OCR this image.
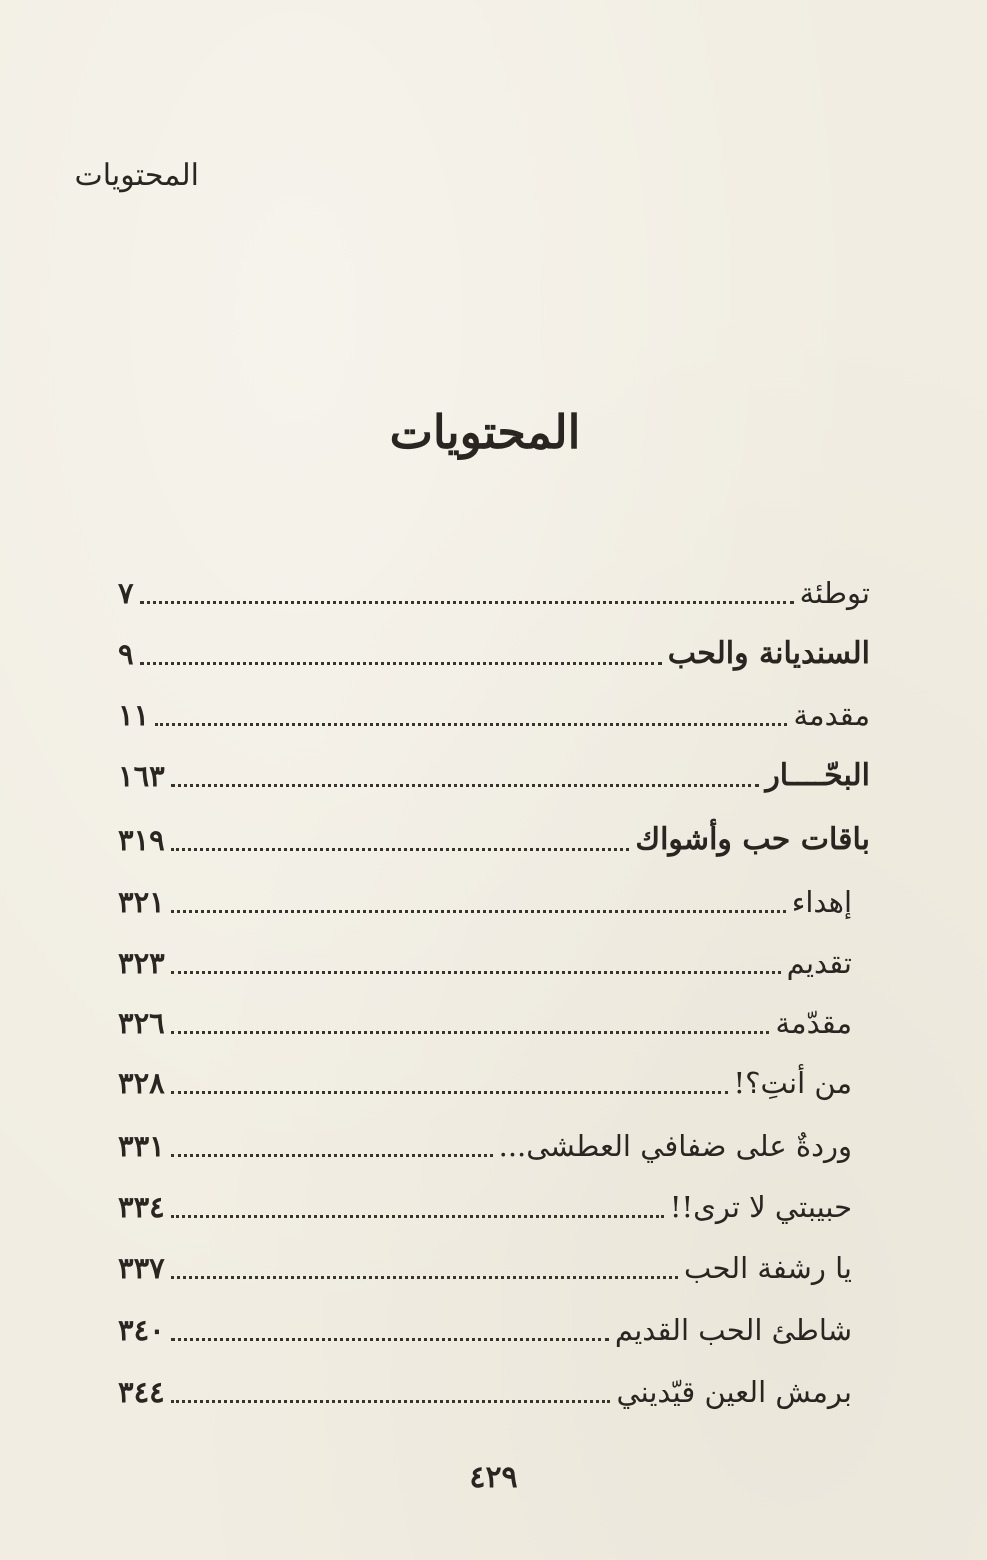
المحتويات
المحتويات
توطئة
٧
السنديانة والحب
٩
مقدمة
١١
البحّــــار
١٦٣
باقات حب وأشواك
٣١٩
إهداء
٣٢١
تقديم
٣٢٣
مقدّمة
٣٢٦
من أنتِ؟!
٣٢٨
وردةٌ على ضفافي العطشى...
٣٣١
حبيبتي لا ترى!!
٣٣٤
يا رشفة الحب
٣٣٧
شاطئ الحب القديم
٣٤٠
برمش العين قيّديني
٣٤٤
٤٢٩
